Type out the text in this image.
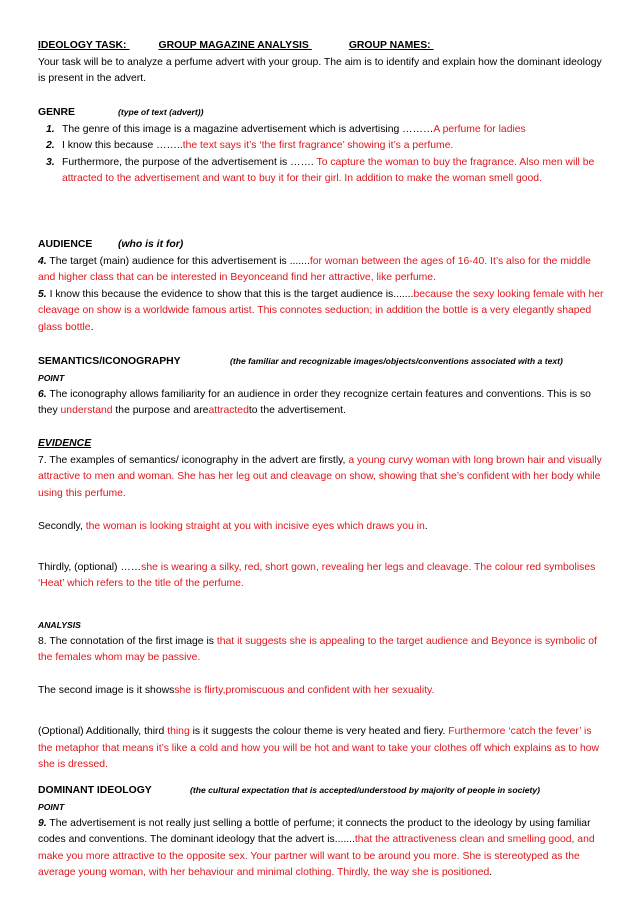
IDEOLOGY TASK:	GROUP MAGAZINE ANALYSIS	GROUP NAMES:
Your task will be to analyze a perfume advert with your group. The aim is to identify and explain how the dominant ideology is present in the advert.
GENRE	(type of text (advert))
1. The genre of this image is a magazine advertisement which is advertising ………A perfume for ladies
2. I know this because ……..the text says it’s ‘the first fragrance’ showing it’s a perfume.
3. Furthermore, the purpose of the advertisement is ……. To capture the woman to buy the fragrance. Also men will be attracted to the advertisement and want to buy it for their girl. In addition to make the woman smell good.
AUDIENCE (who is it for)
4. The target (main) audience for this advertisement is .......for woman between the ages of 16-40. It’s also for the middle and higher class that can be interested in Beyonceand find her attractive, like perfume.
5. I know this because the evidence to show that this is the target audience is.......because the sexy looking female with her cleavage on show is a worldwide famous artist. This connotes seduction; in addition the bottle is a very elegantly shaped glass bottle.
SEMANTICS/ICONOGRAPHY	(the familiar and recognizable images/objects/conventions associated with a text)
POINT
6. The iconography allows familiarity for an audience in order they recognize certain features and conventions. This is so they understand the purpose and areattractedto the advertisement.
EVIDENCE
7. The examples of semantics/ iconography in the advert are firstly, a young curvy woman with long brown hair and visually attractive to men and woman. She has her leg out and cleavage on show, showing that she’s confident with her body while using this perfume.
Secondly, the woman is looking straight at you with incisive eyes which draws you in.
Thirdly, (optional) ……she is wearing a silky, red, short gown, revealing her legs and cleavage. The colour red symbolises ‘Heat’ which refers to the title of the perfume.
ANALYSIS
8. The connotation of the first image is that it suggests she is appealing to the target audience and Beyonce is symbolic of the females whom may be passive.
The second image is it showsshe is flirty,promiscuous and confident with her sexuality.
(Optional) Additionally, third thing is it suggests the colour theme is very heated and fiery. Furthermore ‘catch the fever’ is the metaphor that means it’s like a cold and how you will be hot and want to take your clothes off which explains as to how she is dressed.
DOMINANT IDEOLOGY	(the cultural expectation that is accepted/understood by majority of people in society)
POINT
9. The advertisement is not really just selling a bottle of perfume; it connects the product to the ideology by using familiar codes and conventions. The dominant ideology that the advert is.......that the attractiveness clean and smelling good, and make you more attractive to the opposite sex. Your partner will want to be around you more. She is stereotyped as the average young woman, with her behaviour and minimal clothing. Thirdly, the way she is positioned.
